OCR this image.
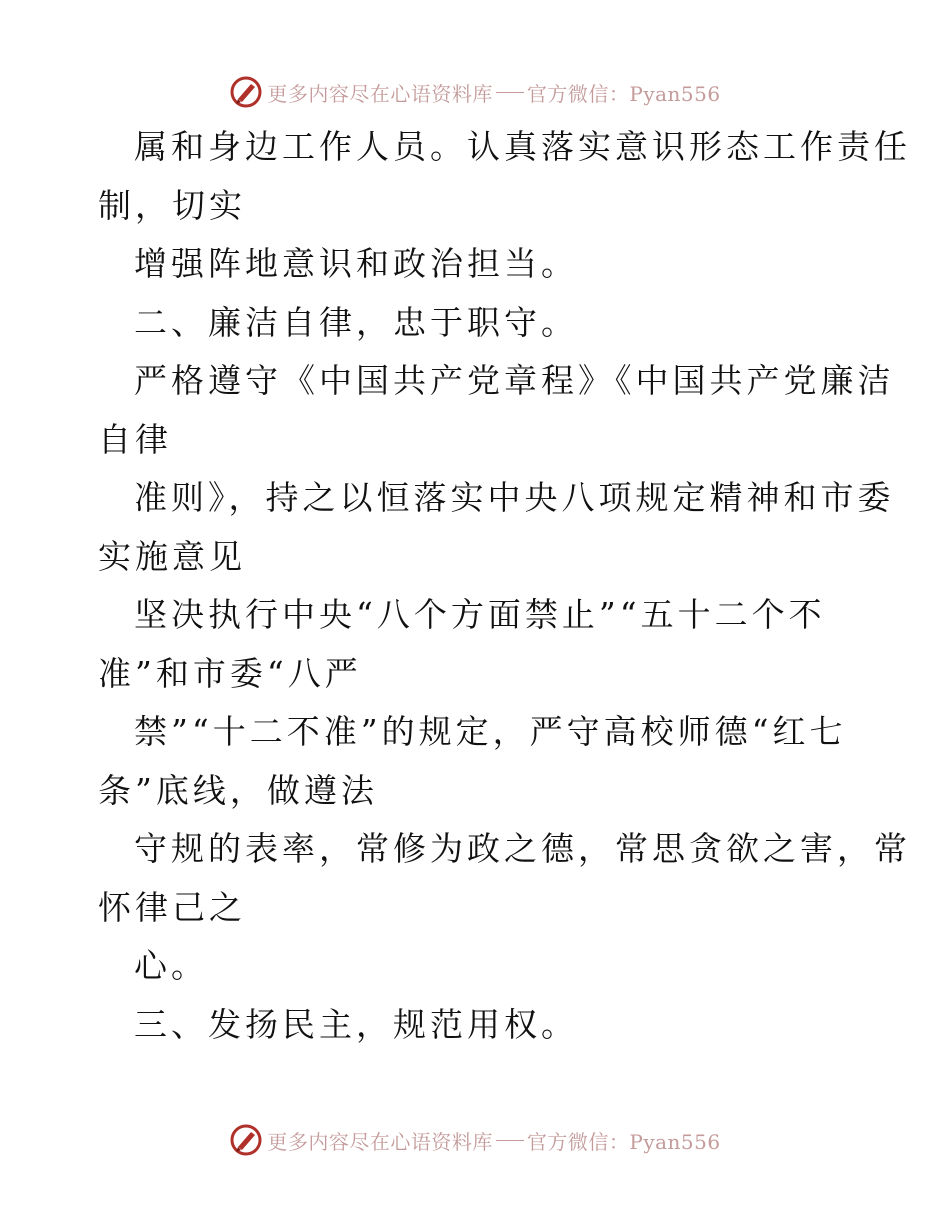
更多内容尽在心语资料库 官方微信：Pyan556
属和身边工作人员。认真落实意识形态工作责任
制，切实
增强阵地意识和政治担当。
二、廉洁自律，忠于职守。
严格遵守《中国共产党章程》《中国共产党廉洁
自律
准则》，持之以恒落实中央八项规定精神和市委
实施意见
坚决执行中央“八个方面禁止”“五十二个不
准”和市委“八严
禁”“十二不准”的规定，严守高校师德“红七
条”底线，做遵法
守规的表率，常修为政之德，常思贪欲之害，常
怀律己之
心。
三、发扬民主，规范用权。
更多内容尽在心语资料库 官方微信：Pyan556
